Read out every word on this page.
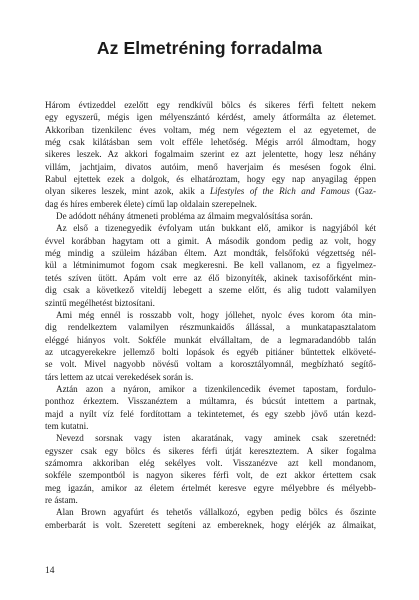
Az Elmetréning forradalma
Három évtizeddel ezelőtt egy rendkívül bölcs és sikeres férfi feltett nekem
egy egyszerű, mégis igen mélyenszántó kérdést, amely átformálta az életemet.
Akkoriban tizenkilenc éves voltam, még nem végeztem el az egyetemet, de
még csak kilátásban sem volt efféle lehetőség. Mégis arról álmodtam, hogy
sikeres leszek. Az akkori fogalmaim szerint ez azt jelentette, hogy lesz néhány
villám, jachtjaim, divatos autóim, menő haverjaim és mesésen fogok élni.
Rabul ejtettek ezek a dolgok, és elhatároztam, hogy egy nap anyagilag éppen
olyan sikeres leszek, mint azok, akik a Lifestyles of the Rich and Famous (Gaz-
dag és híres emberek élete) című lap oldalain szerepelnek.
De adódott néhány átmeneti probléma az álmaim megvalósítása során.
Az első a tizenegyedik évfolyam után bukkant elő, amikor is nagyjából két
évvel korábban hagytam ott a gimit. A második gondom pedig az volt, hogy
még mindig a szüleim házában éltem. Azt mondták, felsőfokú végzettség nél-
kül a létminimumot fogom csak megkeresni. Be kell vallanom, ez a figyelmez-
tetés szíven ütött. Apám volt erre az élő bizonyíték, akinek taxisofőrként min-
dig csak a következő viteldíj lebegett a szeme előtt, és alig tudott valamilyen
szintű megélhetést biztosítani.
Ami még ennél is rosszabb volt, hogy jóllehet, nyolc éves korom óta min-
dig rendelkeztem valamilyen részmunkaidős állással, a munkatapasztalatom
eléggé hiányos volt. Sokféle munkát elvállaltam, de a legmaradandóbb talán
az utcagyerekekre jellemző bolti lopások és egyéb pitiáner bűntettek elköveté-
se volt. Mivel nagyobb növésű voltam a korosztályomnál, megbízható segítő-
társ lettem az utcai verekedések során is.
Aztán azon a nyáron, amikor a tizenkilencedik évemet tapostam, fordulo-
ponthoz érkeztem. Visszanéztem a múltamra, és búcsút intettem a partnak,
majd a nyílt víz felé fordítottam a tekintetemet, és egy szebb jövő után kezd-
tem kutatni.
Nevezd sorsnak vagy isten akaratának, vagy aminek csak szeretnéd:
egyszer csak egy bölcs és sikeres férfi útját kereszteztem. A siker fogalma
számomra akkoriban elég sekélyes volt. Visszanézve azt kell mondanom,
sokféle szempontból is nagyon sikeres férfi volt, de ezt akkor értettem csak
meg igazán, amikor az életem értelmét keresve egyre mélyebbre és mélyebb-
re ástam.
Alan Brown agyafúrt és tehetős vállalkozó, egyben pedig bölcs és őszinte
emberbarát is volt. Szeretett segíteni az embereknek, hogy elérjék az álmaikat,
14
